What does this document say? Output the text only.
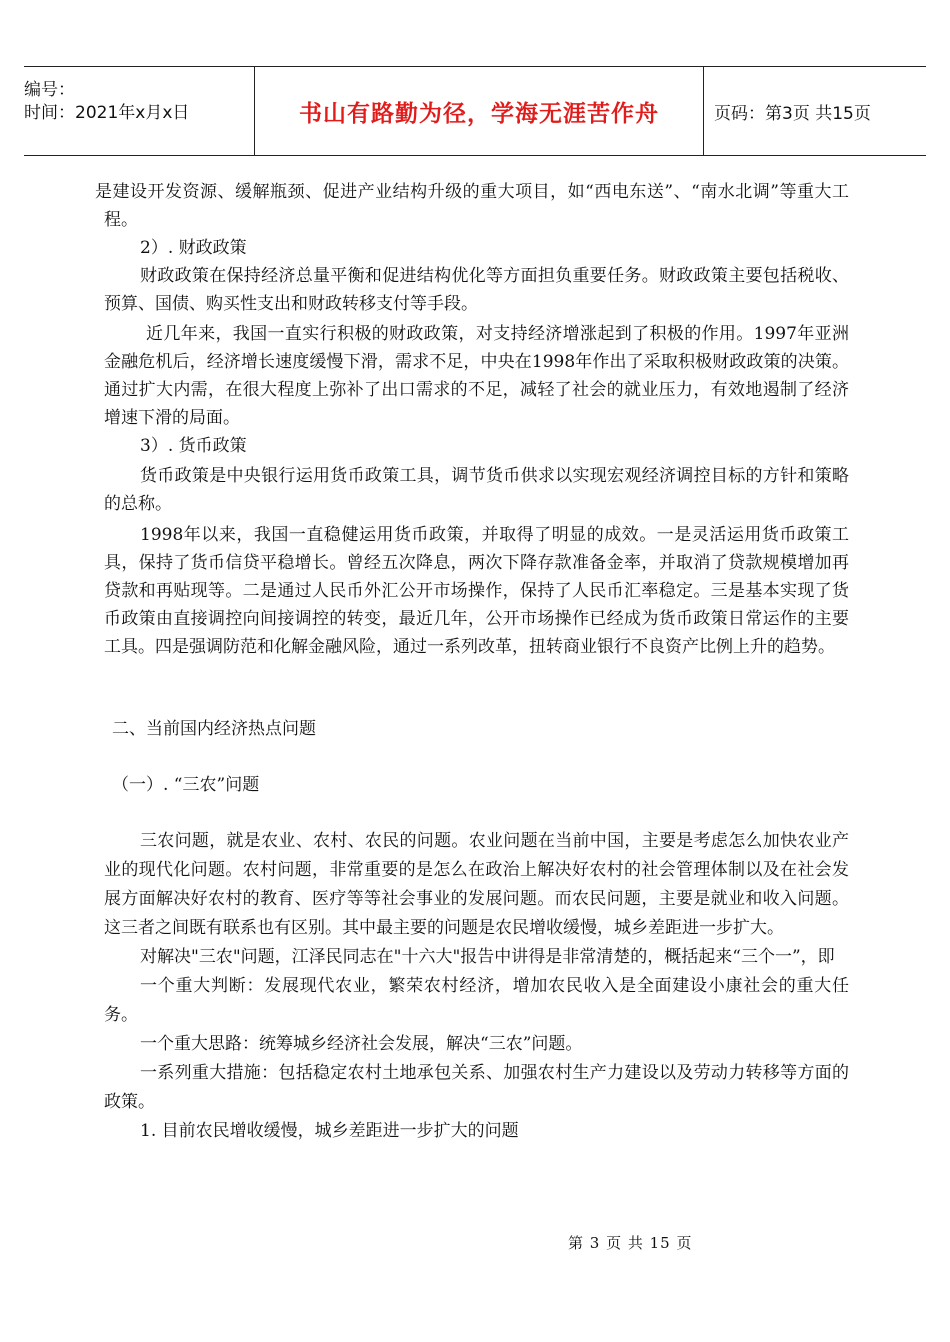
编号：
时间：2021年x月x日	书山有路勤为径，学海无涯苦作舟	页码：第3页 共15页

是建设开发资源、缓解瓶颈、促进产业结构升级的重大项目，如“西电东送”、“南水北调”等重大工程。

2）. 财政政策

财政政策在保持经济总量平衡和促进结构优化等方面担负重要任务。财政政策主要包括税收、预算、国债、购买性支出和财政转移支付等手段。

近几年来，我国一直实行积极的财政政策，对支持经济增涨起到了积极的作用。1997年亚洲金融危机后，经济增长速度缓慢下滑，需求不足，中央在1998年作出了采取积极财政政策的决策。通过扩大内需，在很大程度上弥补了出口需求的不足，减轻了社会的就业压力，有效地遏制了经济增速下滑的局面。

3）. 货币政策

货币政策是中央银行运用货币政策工具，调节货币供求以实现宏观经济调控目标的方针和策略的总称。

1998年以来，我国一直稳健运用货币政策，并取得了明显的成效。一是灵活运用货币政策工具，保持了货币信贷平稳增长。曾经五次降息，两次下降存款准备金率，并取消了贷款规模增加再贷款和再贴现等。二是通过人民币外汇公开市场操作，保持了人民币汇率稳定。三是基本实现了货币政策由直接调控向间接调控的转变，最近几年，公开市场操作已经成为货币政策日常运作的主要工具。四是强调防范和化解金融风险，通过一系列改革，扭转商业银行不良资产比例上升的趋势。

二、当前国内经济热点问题

（一）. “三农”问题

三农问题，就是农业、农村、农民的问题。农业问题在当前中国，主要是考虑怎么加快农业产业的现代化问题。农村问题，非常重要的是怎么在政治上解决好农村的社会管理体制以及在社会发展方面解决好农村的教育、医疗等等社会事业的发展问题。而农民问题，主要是就业和收入问题。这三者之间既有联系也有区别。其中最主要的问题是农民增收缓慢，城乡差距进一步扩大。

对解决"三农"问题，江泽民同志在"十六大"报告中讲得是非常清楚的，概括起来“三个一”，即

一个重大判断：发展现代农业，繁荣农村经济，增加农民收入是全面建设小康社会的重大任务。

一个重大思路：统筹城乡经济社会发展，解决“三农”问题。

一系列重大措施：包括稳定农村土地承包关系、加强农村生产力建设以及劳动力转移等方面的政策。

1. 目前农民增收缓慢，城乡差距进一步扩大的问题

第 3 页 共 15 页
